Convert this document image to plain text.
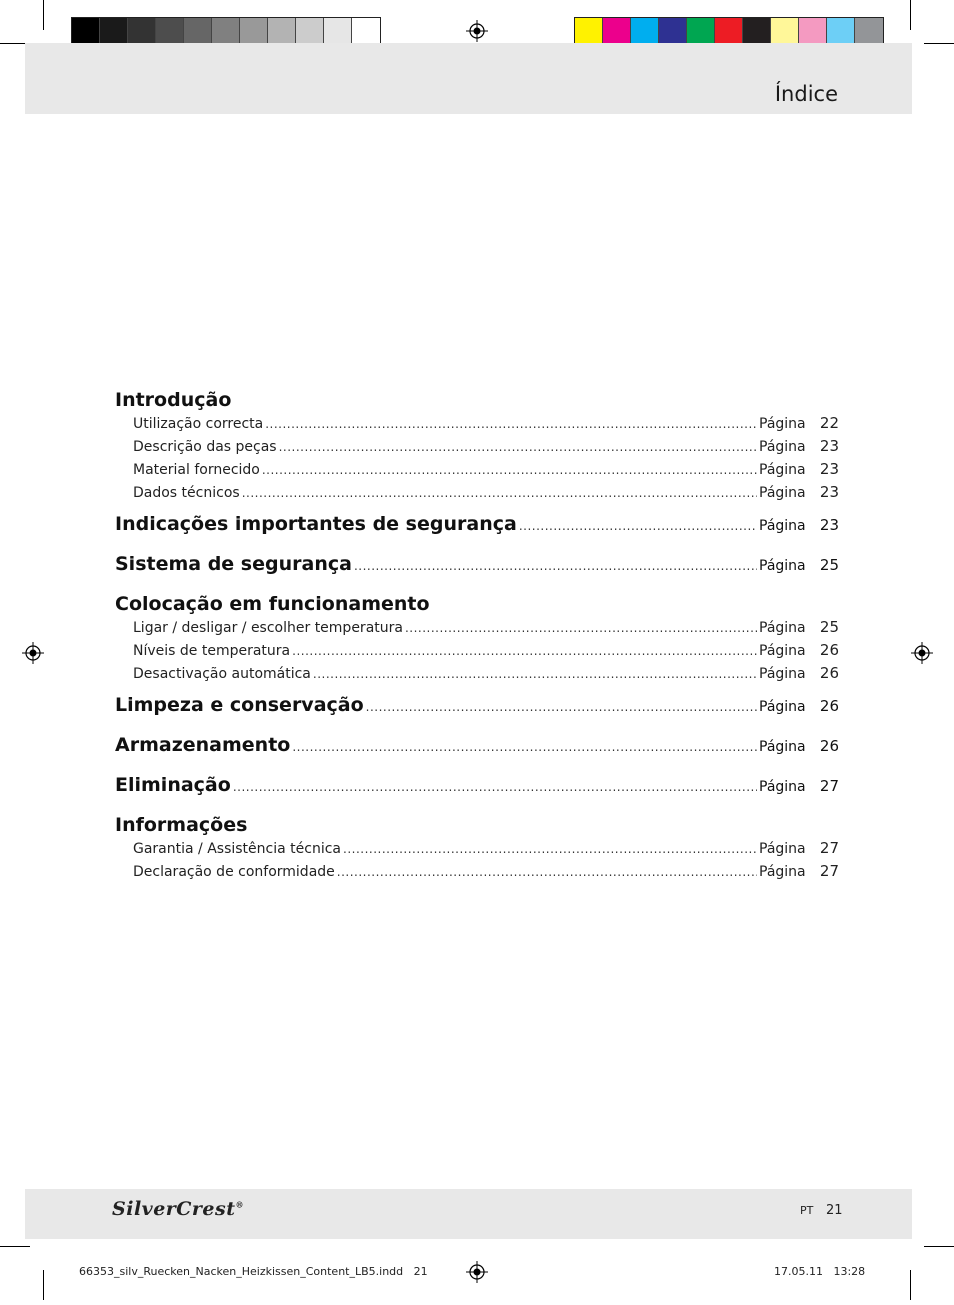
Índice
Introdução
Utilização correcta .....	Página 22
Descrição das peças .....	Página 23
Material fornecido .....	Página 23
Dados técnicos .....	Página 23
Indicações importantes de segurança .....	Página 23
Sistema de segurança .....	Página 25
Colocação em funcionamento
Ligar / desligar / escolher temperatura .....	Página 25
Níveis de temperatura .....	Página 26
Desactivação automática .....	Página 26
Limpeza e conservação .....	Página 26
Armazenamento .....	Página 26
Eliminação .....	Página 27
Informações
Garantia / Assistência técnica .....	Página 27
Declaração de conformidade .....	Página 27
SilverCrest®	PT 21
66353_silv_Ruecken_Nacken_Heizkissen_Content_LB5.indd   21	17.05.11   13:28
